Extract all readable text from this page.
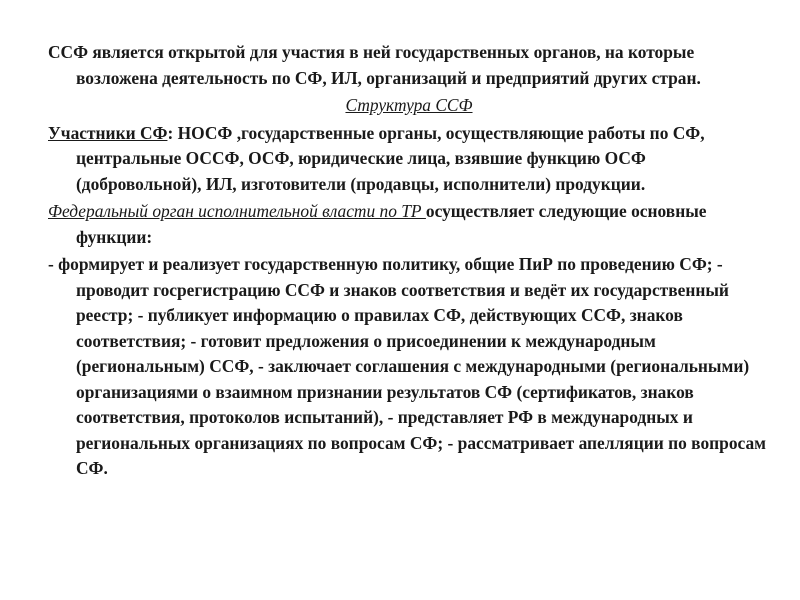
ССФ является открытой для участия в ней государственных органов, на которые возложена деятельность по СФ, ИЛ, организаций и предприятий других стран.

Структура ССФ

Участники СФ: НОСФ ,государственные органы, осуществляющие работы по СФ, центральные ОССФ, ОСФ, юридические лица, взявшие функцию ОСФ (добровольной), ИЛ, изготовители (продавцы, исполнители) продукции.

Федеральный орган исполнительной власти по ТР осуществляет следующие основные функции:

- формирует и реализует государственную политику, общие ПиР по проведению СФ; - проводит госрегистрацию ССФ и знаков соответствия и ведёт их государственный реестр; - публикует информацию о правилах СФ, действующих ССФ, знаков соответствия; - готовит предложения о присоединении к международным (региональным) ССФ, - заключает соглашения с международными (региональными) организациями о взаимном признании результатов СФ (сертификатов, знаков соответствия, протоколов испытаний), - представляет РФ в международных и региональных организациях по вопросам СФ; - рассматривает апелляции по вопросам СФ.
